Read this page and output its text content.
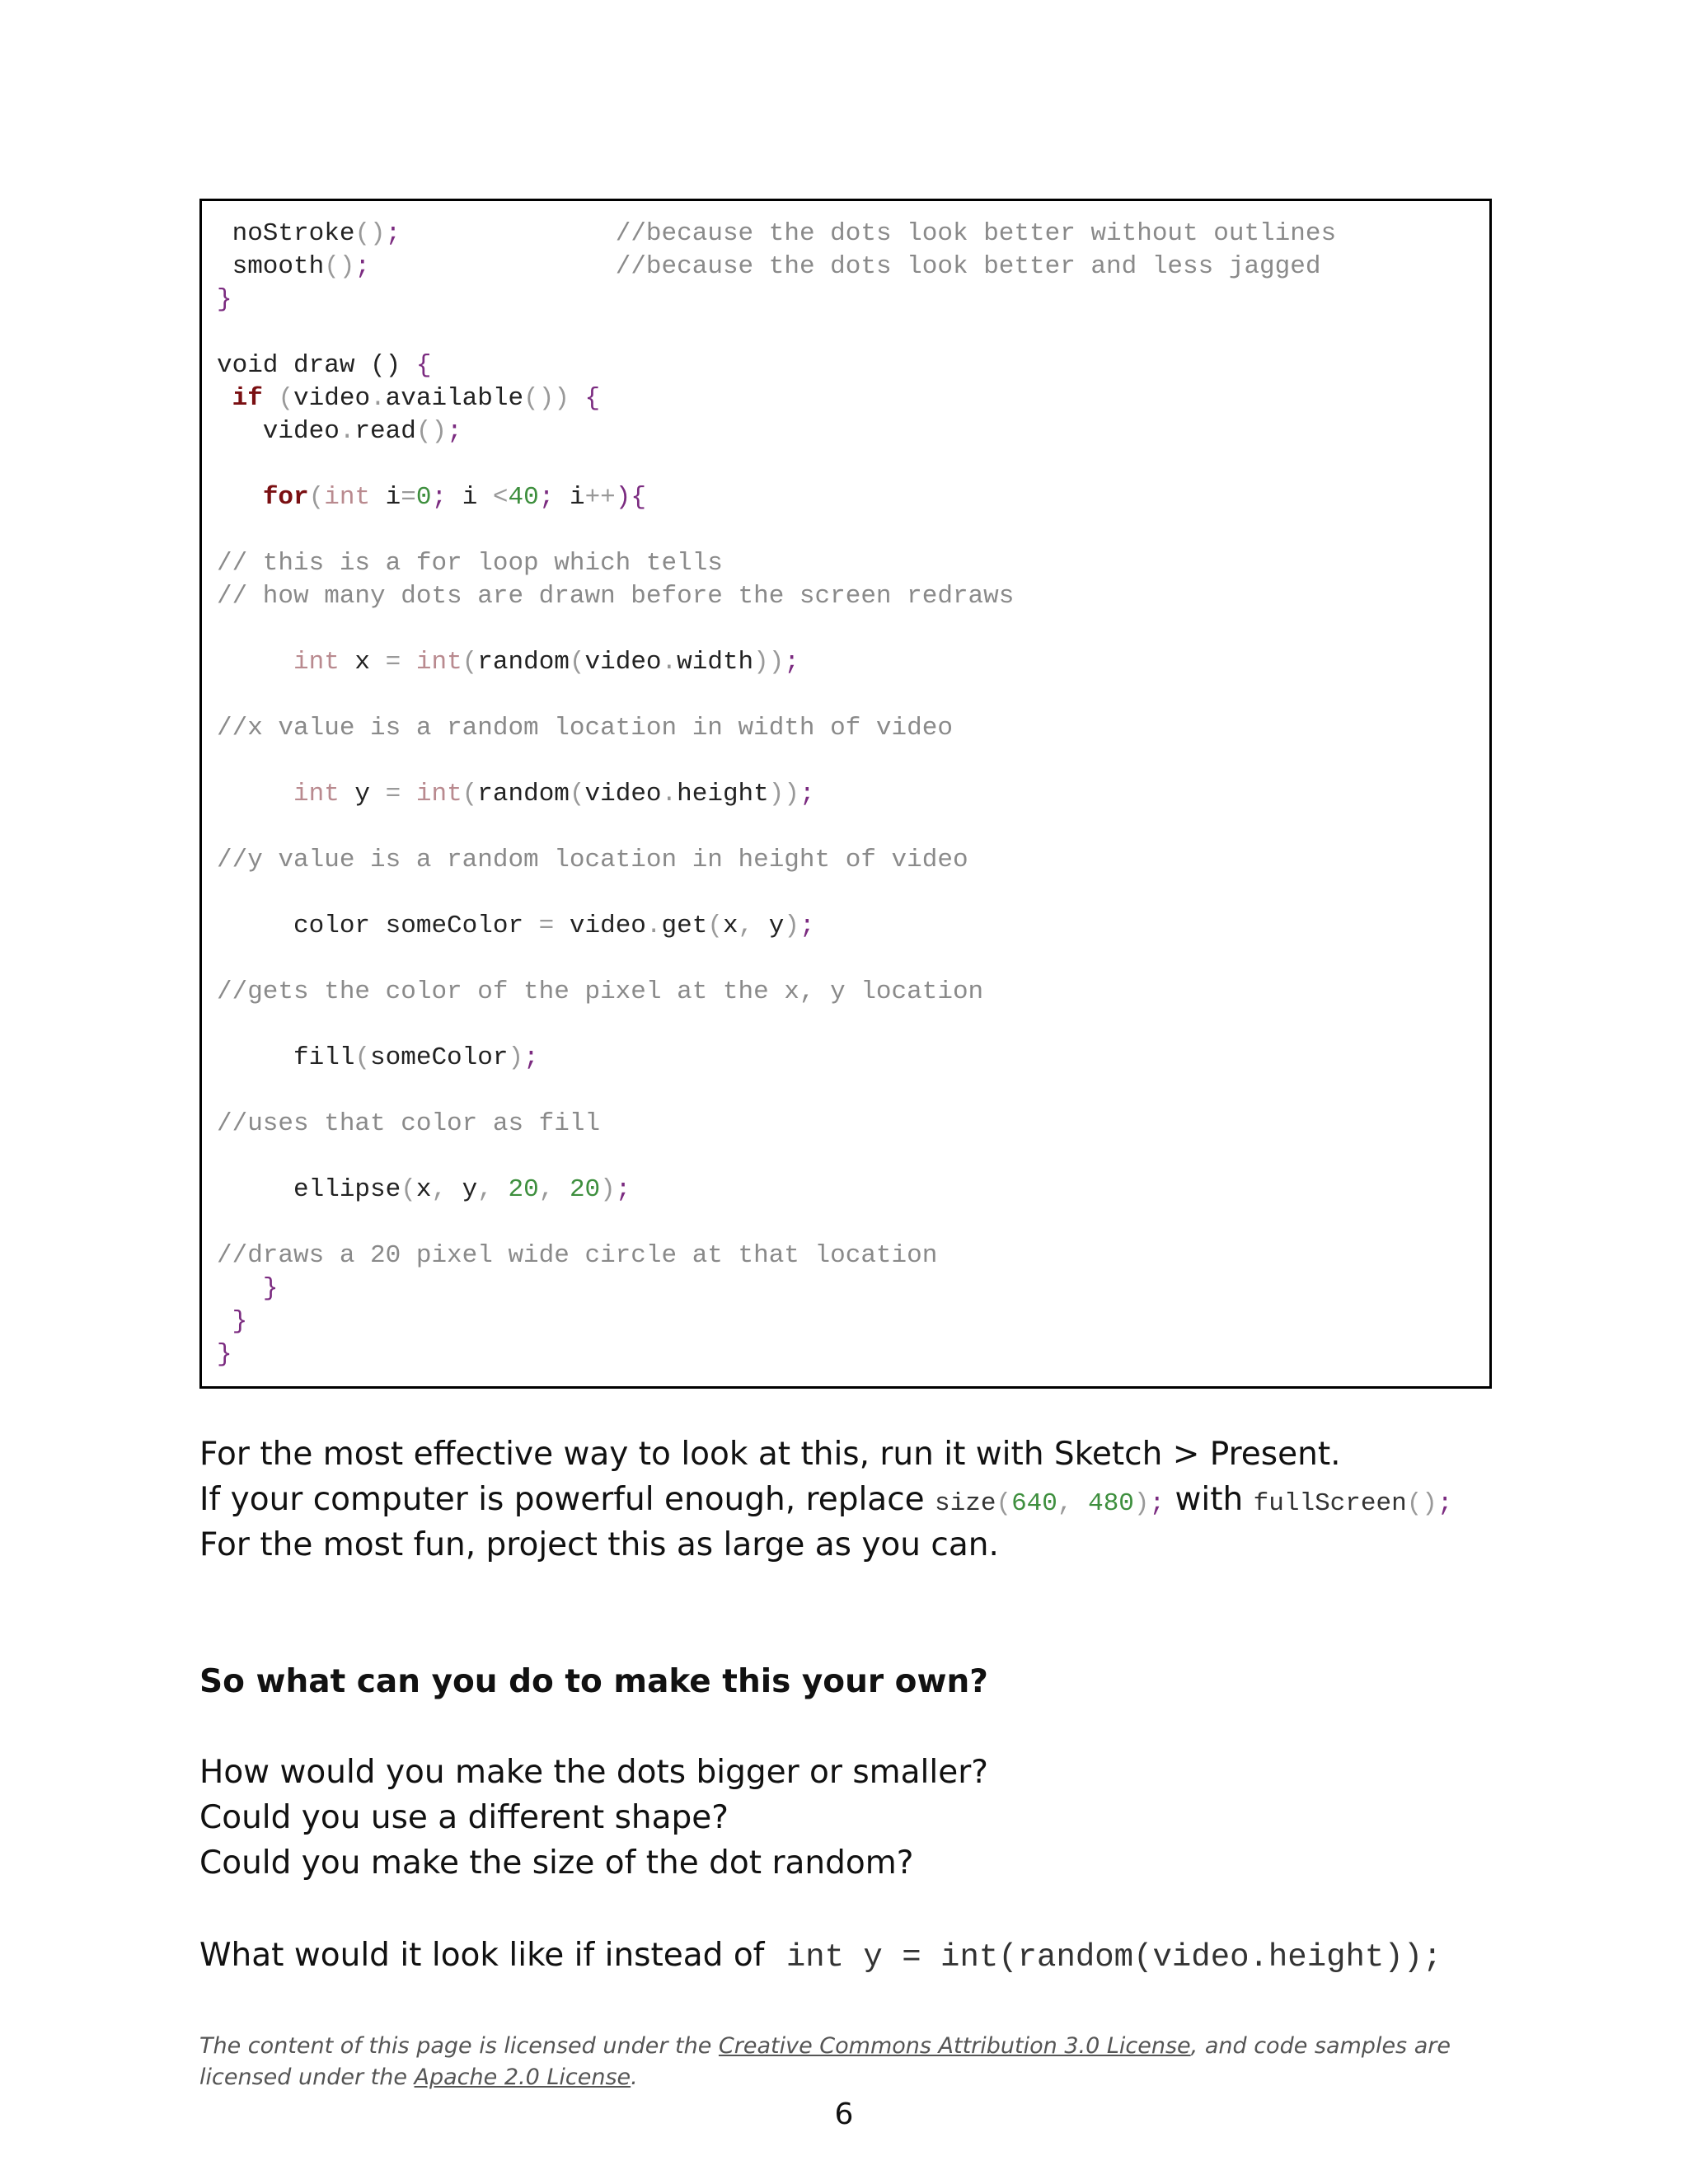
noStroke();	//because the dots look better without outlines
smooth();	//because the dots look better and less jagged
}
void draw () {
if (video.available()) {
video.read();
for(int i=0; i <40; i++){
// this is a for loop which tells
// how many dots are drawn before the screen redraws
int x = int(random(video.width));
//x value is a random location in width of video
int y = int(random(video.height));
//y value is a random location in height of video
color someColor = video.get(x, y);
//gets the color of the pixel at the x, y location
fill(someColor);
//uses that color as fill
ellipse(x, y, 20, 20);
//draws a 20 pixel wide circle at that location
}
}
}
For the most effective way to look at this, run it with Sketch > Present.
If your computer is powerful enough, replace size(640, 480); with fullScreen();
For the most fun, project this as large as you can.
So what can you do to make this your own?
How would you make the dots bigger or smaller?
Could you use a different shape?
Could you make the size of the dot random?
What would it look like if instead of int y = int(random(video.height));
The content of this page is licensed under the Creative Commons Attribution 3.0 License, and code samples are licensed under the Apache 2.0 License.
6
